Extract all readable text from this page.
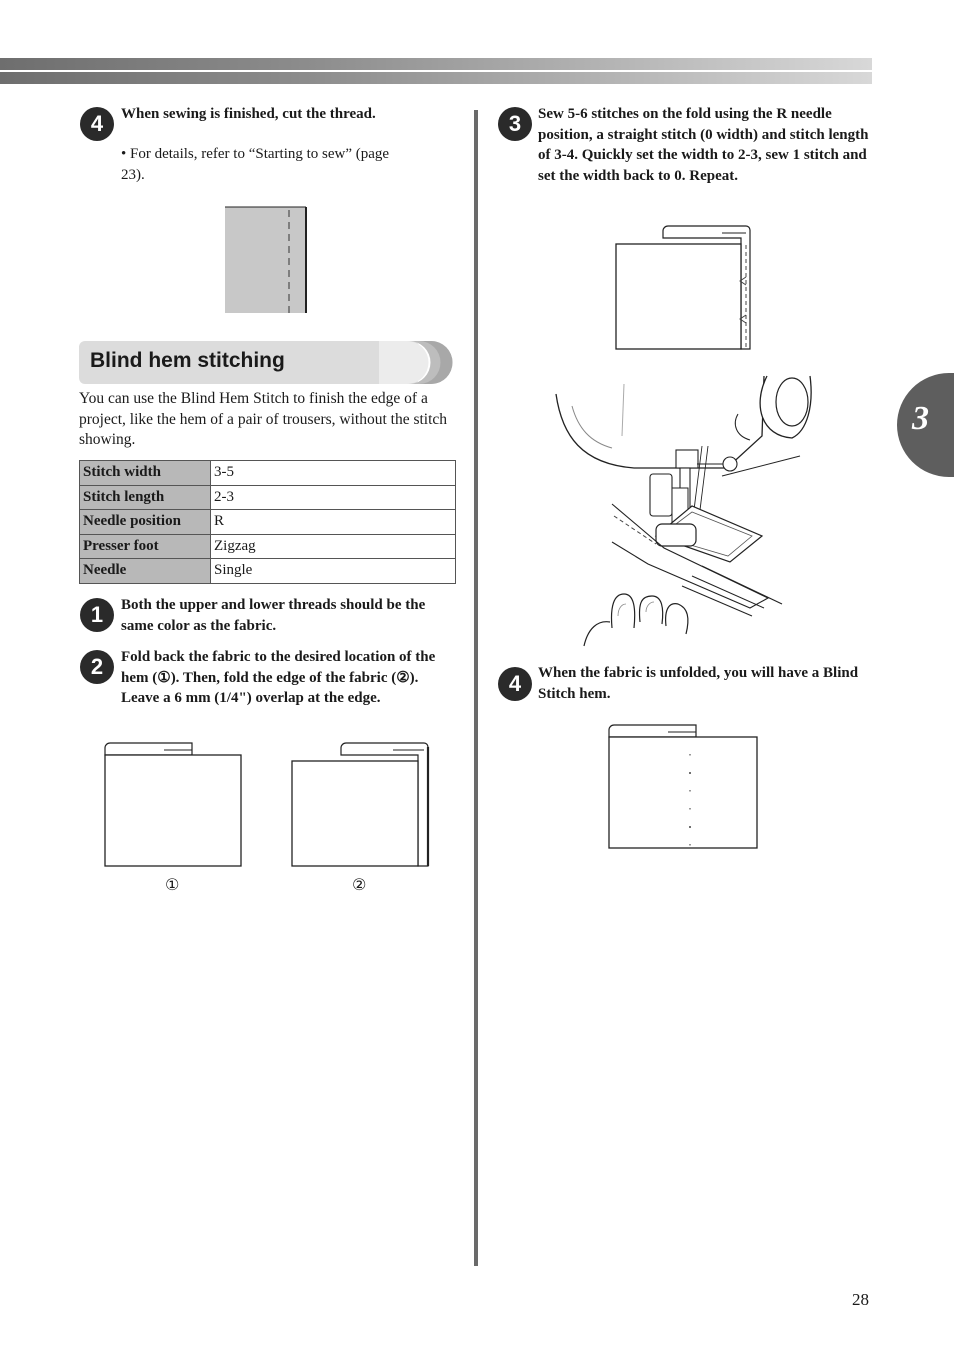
3
4	When sewing is finished, cut the thread.
• For details, refer to “Starting to sew” (page 23).
Blind hem stitching
You can use the Blind Hem Stitch to finish the edge of a project, like the hem of a pair of trousers, without the stitch showing.
Stitch width	3-5
Stitch length	2-3
Needle position	R
Presser foot	Zigzag
Needle	Single
1	Both the upper and lower threads should be the same color as the fabric.
2	Fold back the fabric to the desired location of the hem (①). Then, fold the edge of the fabric (②). Leave a 6 mm (1/4") overlap at the edge.
①	②
3	Sew 5-6 stitches on the fold using the R needle position, a straight stitch (0 width) and stitch length of 3-4. Quickly set the width to 2-3, sew 1 stitch and set the width back to 0. Repeat.
4	When the fabric is unfolded, you will have a Blind Stitch hem.
28
